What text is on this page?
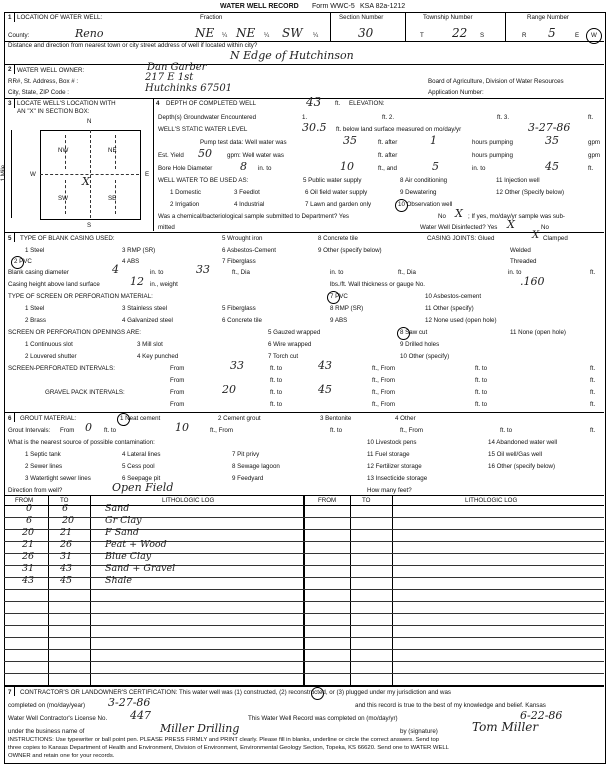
WATER WELL RECORD Form WWC-5 KSA 82a-1212
1 LOCATION OF WATER WELL:	Fraction	Section Number	Township Number	Range Number
County:	Reno	NE ¼ NE ¼ SW ¼	30	T 22 S	R 5	E W
Distance and direction from nearest town or city street address of well if located within city?
N Edge of Hutchinson
2 WATER WELL OWNER:	Dan Garber
RR#, St. Address, Box # :	217 E 1st	Board of Agriculture, Division of Water Resources
City, State, ZIP Code :	Hutchinks 67501	Application Number:
3 LOCATE WELL'S LOCATION WITH
AN "X" IN SECTION BOX:
N
S
W	E
1 Mile
NW	NE
SW	SE
X
4 DEPTH OF COMPLETED WELL	43 ft. ELEVATION:
Depth(s) Groundwater Encountered	1.	ft. 2.	ft. 3.	ft.
WELL'S STATIC WATER LEVEL	30.5 ft. below land surface measured on mo/day/yr	3-27-86
Pump test data: Well water was	35	ft. after	1	hours pumping	35	gpm
Est. Yield 50 gpm: Well water was	ft. after	hours pumping	gpm
Bore Hole Diameter	8 in. to	10	ft., and	5	in. to	45	ft.
WELL WATER TO BE USED AS:	5 Public water supply	8 Air conditioning	11 Injection well
1 Domestic	3 Feedlot	6 Oil field water supply	9 Dewatering	12 Other (Specify below)
2 Irrigation	4 Industrial	7 Lawn and garden only	10 Observation well
Was a chemical/bacteriological sample submitted to Department? Yes	X
No	; If yes, mo/day/yr sample was sub-
mitted	Water Well Disinfected? Yes X	No
5 TYPE OF BLANK CASING USED:	5 Wrought iron	8 Concrete tile	CASING JOINTS: Glued	X Clamped
1 Steel	3 RMP (SR)	6 Asbestos-Cement	9 Other (specify below)	Welded
2 PVC	4 ABS	7 Fiberglass	Threaded
Blank casing diameter	4	in. to	33	ft., Dia	in. to	ft., Dia	in. to	ft.
Casing height above land surface	12 in., weight	lbs./ft. Wall thickness or gauge No.	.160
TYPE OF SCREEN OR PERFORATION MATERIAL:	7 PVC	10 Asbestos-cement
1 Steel	3 Stainless steel	5 Fiberglass	8 RMP (SR)	11 Other (specify)
2 Brass	4 Galvanized steel	6 Concrete tile	9 ABS	12 None used (open hole)
SCREEN OR PERFORATION OPENINGS ARE:	5 Gauzed wrapped	8 Saw cut	11 None (open hole)
1 Continuous slot	3 Mill slot	6 Wire wrapped	9 Drilled holes
2 Louvered shutter	4 Key punched	7 Torch cut	10 Other (specify)
SCREEN-PERFORATED INTERVALS:	From	33	ft. to	43	ft., From	ft. to	ft.
From	ft. to	ft., From	ft. to	ft.
GRAVEL PACK INTERVALS:	From	20	ft. to	45	ft., From	ft. to	ft.
From	ft. to	ft., From	ft. to	ft.
6 GROUT MATERIAL:	1 Neat cement	2 Cement grout	3 Bentonite	4 Other
Grout Intervals: From 0 ft. to	10	ft., From	ft. to	ft., From	ft. to	ft.
What is the nearest source of possible contamination:	10 Livestock pens	14 Abandoned water well
1 Septic tank	4 Lateral lines	7 Pit privy	11 Fuel storage	15 Oil well/Gas well
2 Sewer lines	5 Cess pool	8 Sewage lagoon	12 Fertilizer storage	16 Other (specify below)
3 Watertight sewer lines	6 Seepage pit	9 Feedyard	13 Insecticide storage
Direction from well?	Open Field	How many feet?
FROM	TO	LITHOLOGIC LOG	FROM	TO	LITHOLOGIC LOG
0	6	Sand
6	20	Gr Clay
20	21	F Sand
21	26	Peat + Wood
26	31	Blue Clay
31	43	Sand + Gravel
43	45	Shale
7 CONTRACTOR'S OR LANDOWNER'S CERTIFICATION: This water well was (1) constructed, (2) reconstructed, or (3) plugged under my jurisdiction and was
completed on (mo/day/year) 3-27-86	and this record is true to the best of my knowledge and belief. Kansas
Water Well Contractor's License No. 447	This Water Well Record was completed on (mo/day/yr)	6-22-86
under the business name of	Miller Drilling	by (signature)	Tom Miller
INSTRUCTIONS: Use typewriter or ball point pen. PLEASE PRESS FIRMLY and PRINT clearly. Please fill in blanks, underline or circle the correct answers. Send top
three copies to Kansas Department of Health and Environment, Division of Environment, Environmental Geology Section, Topeka, KS 66620. Send one to WATER WELL
OWNER and retain one for your records.
